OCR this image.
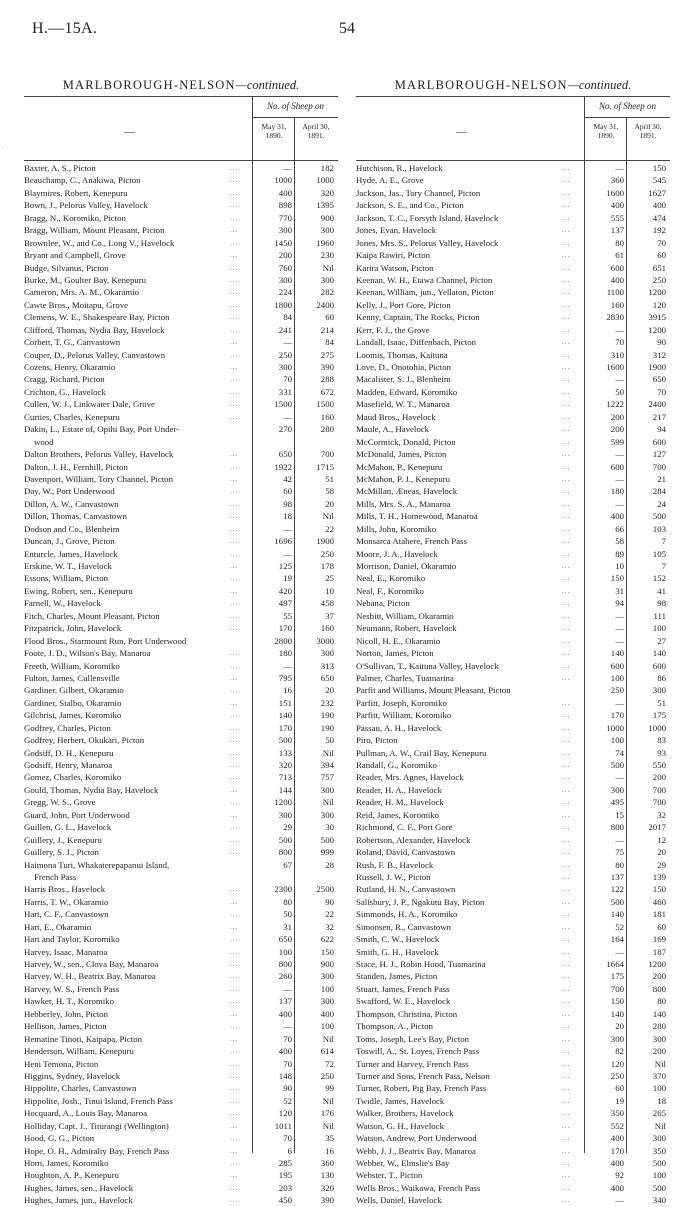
H.—15A.	54
.
MARLBOROUGH-NELSON—continued.
—
No. of Sheep on
May 31, 1890.
April 30, 1891.
Baxter, A. S., Picton	...	—	182
Beauchamp, C., Anakiwa, Picton	...	1000	1000
Blaymires, Robert, Kenepuru	...	400	320
Bown, J., Pelorus Valley, Havelock	...	898	1395
Bragg, N., Koromiko, Picton	...	770	900
Bragg, William, Mount Pleasant, Picton	...	300	300
Brownlee, W., and Co., Long V., Havelock	...	1450	1960
Bryant and Campbell, Grove	...	200	230
Budge, Silvanus, Picton	...	760	Nil
Burke, M., Goulter Bay, Kenepuru	...	300	300
Cameron, Mrs. A. M., Okaramio	...	224	282
Cawte Bros., Moitapu, Grove	...	1800	2400
Clemens, W. E., Shakespeare Bay, Picton	...	84	60
Clifford, Thomas, Nydia Bay, Havelock	...	241	214
Corbett, T. G., Canvastown	...	—	84
Couper, D., Pelorus Valley, Canvastown	...	250	275
Cozens, Henry, Okaramio	...	300	390
Cragg, Richard, Picton	...	70	288
Crichton, G., Havelock	...	331	672
Cullen, W. J., Linkwater Dale, Grove	...	1500	1500
Curties, Charles, Kenepuru	...	—	160
Dakin, L., Estate of, Opihi Bay, Port Under-	270	280
wood
Dalton Brothers, Pelorus Valley, Havelock	...	650	700
Dalton, J. H., Fernhill, Picton	...	1922	1715
Davenport, William, Tory Channel, Picton	...	42	51
Day, W., Port Underwood	...	60	58
Dillon, A. W., Canvastown	...	98	20
Dillon, Thomas, Canvastown	...	18	Nil
Dodson and Co., Blenheim	...	—	22
Duncan, J., Grove, Picton	...	1696	1900
Enturcle, James, Havelock	...	—	250
Erskine, W. T., Havelock	...	125	178
Essons, William, Picton	...	19	25
Ewing, Robert, sen., Kenepuru	...	420	10
Farnell, W., Havelock	...	497	458
Fitch, Charles, Mount Pleasant, Picton	...	55	37
Fitzpatrick, John, Havelock	...	170	160
Flood Bros., Starmount Run, Port Underwood	2800	3000
Foote, J. D., Wilson's Bay, Manaroa	...	180	300
Freeth, William, Koromiko	...	—	313
Fulton, James, Cullensville	...	795	650
Gardiner, Gilbert, Okaramio	...	16	20
Gardiner, Stalbo, Okaramio	...	151	232
Gilchrist, James, Koromiko	...	140	190
Godfrey, Charles, Picton	...	170	190
Godfrey, Herbert, Okukari, Picton	...	500	50
Godsiff, D. H., Kenepuru	...	133	Nil
Godsiff, Henry, Manaroa	...	320	394
Gomez, Charles, Koromiko	...	713	757
Gould, Thomas, Nydia Bay, Havelock	...	144	300
Gregg, W. S., Grove	...	1200	Nil
Guard, John, Port Underwood	...	300	300
Guillen, G. L., Havelock	...	29	30
Guillery, J., Kenepuru	...	500	500
Guillery, S. J., Picton	...	800	999
Haimona Turi, Whakaterepapanui Island,	67	28
French Pass
Harris Bros., Havelock	...	2300	2500
Harris, T. W., Okaramio	...	80	90
Hart, C. F., Canvastown	...	50	22
Hart, E., Okaramio	...	31	32
Hart and Taylor, Koromiko	...	650	622
Harvey, Isaac, Manaroa	...	100	150
Harvey, W., sen., Clova Bay, Manaroa	...	800	900
Harvey, W. H., Beatrix Bay, Manaroa	...	260	300
Harvey, W. S., French Pass	...	—	100
Hawker, H. T., Koromiko	...	137	300
Hebberley, John, Picton	...	400	400
Hellison, James, Picton	...	—	100
Hematine Tinoti, Kaipapa, Picton	...	70	Nil
Henderson, William, Kenepuru	...	400	614
Heni Temona, Picton	...	70	72
Higgins, Sydney, Havelock	...	148	250
Hippolite, Charles, Canvastown	...	90	99
Hippolite, Josh., Tinui Island, French Pass	...	52	Nil
Hocquard, A., Louis Bay, Manaroa	...	120	176
Holliday, Capt. J., Titurangi (Wellington)	...	1011	Nil
Hood, G. G., Picton	...	70	35
Hope, O. H., Admiralty Bay, French Pass	...	6	16
Horn, James, Koromiko	...	285	360
Houghton, A. P., Kenepuru	...	195	130
Hughes, James, sen., Havelock	...	203	320
Hughes, James, jun., Havelock	...	450	390
MARLBOROUGH-NELSON—continued.
—
No. of Sheep on
May 31, 1890.
April 30, 1891.
Hutchison, R., Havelock	...	—	150
Hyde, A. E., Grove	...	360	545
Jackson, Jas., Tory Channel, Picton	...	1600	1627
Jackson, S. E., and Co., Picton	...	400	400
Jackson, T. C., Forsyth Island, Havelock	...	555	474
Jones, Evan, Havelock	...	137	192
Jones, Mrs. S., Pelorus Valley, Havelock	...	80	70
Kaipa Rawiri, Picton	...	61	60
Karira Watson, Picton	...	600	651
Keenan, W. H., Etawa Channel, Picton	...	400	250
Keenan, William, jun., Yellaton, Picton	...	1100	1200
Kelly, J., Port Gore, Picton	...	160	120
Kenny, Captain, The Rocks, Picton	...	2830	3915
Kerr, F. J., the Grove	...	—	1200
Landall, Isaac, Diffenbach, Picton	...	70	90
Loomis, Thomas, Kaituna	...	310	312
Love, D., Onotohia, Picton	...	1600	1900
Macalister, S. J., Blenheim	...	—	650
Madden, Edward, Koromiko	...	50	70
Masefield, W. T., Manaroa	...	1222	2400
Maud Bros., Havelock	...	200	217
Maule, A., Havelock	...	200	94
McCormick, Donald, Picton	...	599	600
McDonald, James, Picton	...	—	127
McMahon, P., Kenepuru	...	600	700
McMahon, P. J., Kenepuru	...	—	21
McMillan, Æneas, Havelock	...	180	284
Mills, Mrs. S. A., Manaroa	...	—	24
Mills, T. H., Homewood, Manaroa	...	400	500
Mills, John, Koromiko	...	66	103
Monsarca Atahere, French Pass	...	58	7
Moore, J. A., Havelock	...	89	105
Morrison, Daniel, Okaramio	...	10	7
Neal, E., Koromiko	...	150	152
Neal, F., Koromiko	...	31	41
Nebana, Picton	...	94	98
Nesbitt, William, Okaramio	...	—	111
Neumann, Robert, Havelock	...	—	100
Nicoll, H. E., Okaramio	...	—	27
Norton, James, Picton	...	140	140
O'Sullivan, T., Kaituna Valley, Havelock	...	600	600
Palmer, Charles, Tuamarina	...	100	86
Parfit and Williams, Mount Pleasant, Picton	250	300
Parfitt, Joseph, Koromiko	...	—	51
Parfitt, William, Koromiko	...	170	175
Passau, A. H., Havelock	...	1000	1000
Piro, Picton	...	100	83
Pullman, A. W., Crail Bay, Kenepuru	...	74	93
Randall, G., Koromiko	...	500	550
Reader, Mrs. Agnes, Havelock	...	—	200
Reader, H. A., Havelock	...	300	700
Reader, H. M., Havelock	...	495	700
Reid, James, Koromiko	...	15	32
Richmond, C. F., Port Gore	...	800	2017
Robertson, Alexander, Havelock	...	—	12
Roland, David, Canvastown	...	75	20
Rush, F. B., Havelock	...	80	29
Russell, J. W., Picton	...	137	139
Rutland, H. N., Canvastown	...	122	150
Salisbury, J. P., Ngakutu Bay, Picton	...	500	460
Simmonds, H. A., Koromiko	...	140	181
Simonsen, R., Canvastown	...	52	60
Smith, C. W., Havelock	...	164	169
Smith, G. H., Havelock	...	—	187
Stace, H. J., Robin Hood, Tuamarina	...	1664	1200
Standen, James, Picton	...	175	200
Stuart, James, French Pass	...	700	800
Swafford, W. E., Havelock	...	150	80
Thompson, Christina, Picton	...	140	140
Thompson, A., Picton	...	20	280
Toms, Joseph, Lee's Bay, Picton	...	300	300
Toswill, A., St. Loyes, French Pass	...	82	200
Turner and Harvey, French Pass	...	120	Nil
Turner and Sons, French Pass, Nelson	...	250	370
Turner, Robert, Pig Bay, French Pass	...	60	100
Twidle, James, Havelock	...	19	18
Walker, Brothers, Havelock	...	350	265
Watson, G. H., Havelock	...	552	Nil
Watson, Andrew, Port Underwood	...	400	300
Webb, J. J., Beatrix Bay, Manaroa	...	170	350
Webber, W., Elmslie's Bay	...	400	500
Webster, T., Picton	...	92	100
Wells Bros., Waikawa, French Pass	...	400	500
Wells, Daniel, Havelock	...	—	340
